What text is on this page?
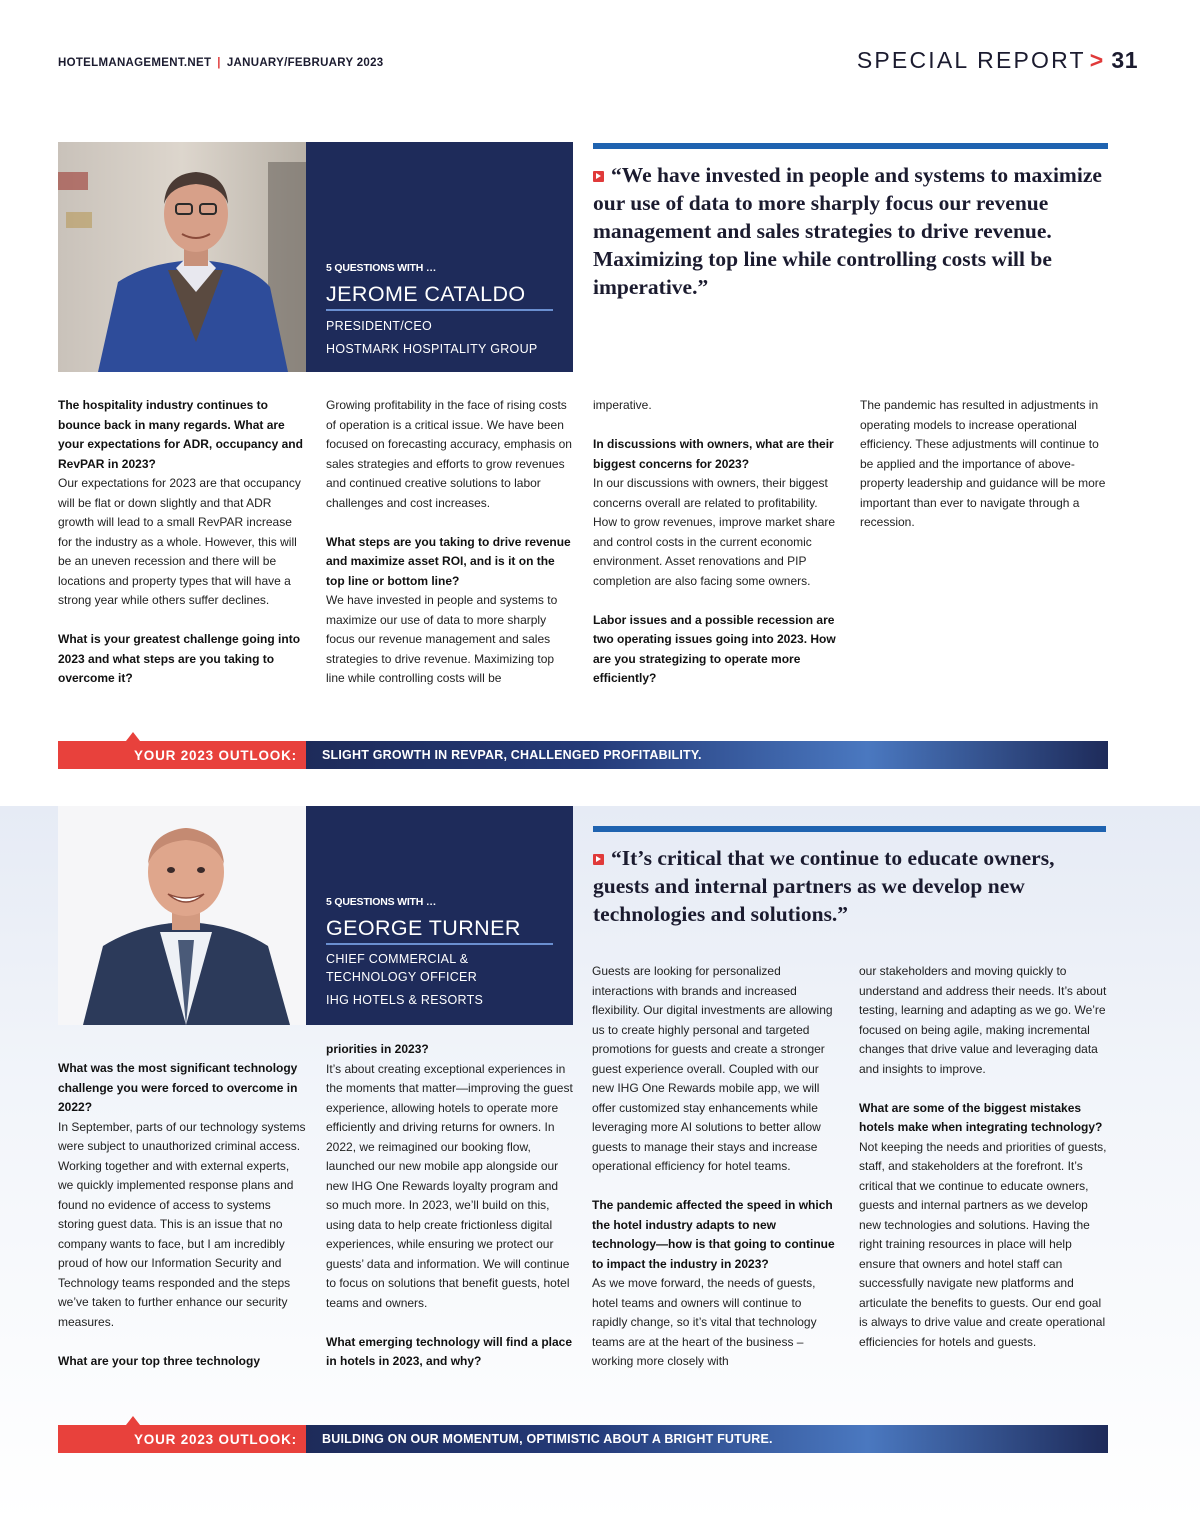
HOTELMANAGEMENT.NET | JANUARY/FEBRUARY 2023	SPECIAL REPORT > 31
5 QUESTIONS WITH …
JEROME CATALDO
PRESIDENT/CEO
HOSTMARK HOSPITALITY GROUP
“We have invested in people and systems to maximize our use of data to more sharply focus our revenue management and sales strategies to drive revenue. Maximizing top line while controlling costs will be imperative.”

The hospitality industry continues to bounce back in many regards. What are your expectations for ADR, occupancy and RevPAR in 2023?
Our expectations for 2023 are that occupancy will be flat or down slightly and that ADR growth will lead to a small RevPAR increase for the industry as a whole. However, this will be an uneven recession and there will be locations and property types that will have a strong year while others suffer declines.

What is your greatest challenge going into 2023 and what steps are you taking to overcome it?

Growing profitability in the face of rising costs of operation is a critical issue. We have been focused on forecasting accuracy, emphasis on sales strategies and efforts to grow revenues and continued creative solutions to labor challenges and cost increases.

What steps are you taking to drive revenue and maximize asset ROI, and is it on the top line or bottom line?
We have invested in people and systems to maximize our use of data to more sharply focus our revenue management and sales strategies to drive revenue. Maximizing top line while controlling costs will be

imperative.

In discussions with owners, what are their biggest concerns for 2023?
In our discussions with owners, their biggest concerns overall are related to profitability. How to grow revenues, improve market share and control costs in the current economic environment. Asset renovations and PIP completion are also facing some owners.

Labor issues and a possible recession are two operating issues going into 2023. How are you strategizing to operate more efficiently?

The pandemic has resulted in adjustments in operating models to increase operational efficiency. These adjustments will continue to be applied and the importance of above-property leadership and guidance will be more important than ever to navigate through a recession.

YOUR 2023 OUTLOOK: SLIGHT GROWTH IN REVPAR, CHALLENGED PROFITABILITY.
5 QUESTIONS WITH …
GEORGE TURNER
CHIEF COMMERCIAL &
TECHNOLOGY OFFICER
IHG HOTELS & RESORTS
“It’s critical that we continue to educate owners, guests and internal partners as we develop new technologies and solutions.”

What was the most significant technology challenge you were forced to overcome in 2022?
In September, parts of our technology systems were subject to unauthorized criminal access. Working together and with external experts, we quickly implemented response plans and found no evidence of access to systems storing guest data. This is an issue that no company wants to face, but I am incredibly proud of how our Information Security and Technology teams responded and the steps we’ve taken to further enhance our security measures.

What are your top three technology

priorities in 2023?
It’s about creating exceptional experiences in the moments that matter—improving the guest experience, allowing hotels to operate more efficiently and driving returns for owners. In 2022, we reimagined our booking flow, launched our new mobile app alongside our new IHG One Rewards loyalty program and so much more. In 2023, we’ll build on this, using data to help create frictionless digital experiences, while ensuring we protect our guests’ data and information. We will continue to focus on solutions that benefit guests, hotel teams and owners.

What emerging technology will find a place in hotels in 2023, and why?

Guests are looking for personalized interactions with brands and increased flexibility. Our digital investments are allowing us to create highly personal and targeted promotions for guests and create a stronger guest experience overall. Coupled with our new IHG One Rewards mobile app, we will offer customized stay enhancements while leveraging more AI solutions to better allow guests to manage their stays and increase operational efficiency for hotel teams.

The pandemic affected the speed in which the hotel industry adapts to new technology—how is that going to continue to impact the industry in 2023?
As we move forward, the needs of guests, hotel teams and owners will continue to rapidly change, so it’s vital that technology teams are at the heart of the business – working more closely with

our stakeholders and moving quickly to understand and address their needs. It’s about testing, learning and adapting as we go. We’re focused on being agile, making incremental changes that drive value and leveraging data and insights to improve.

What are some of the biggest mistakes hotels make when integrating technology?
Not keeping the needs and priorities of guests, staff, and stakeholders at the forefront. It’s critical that we continue to educate owners, guests and internal partners as we develop new technologies and solutions. Having the right training resources in place will help ensure that owners and hotel staff can successfully navigate new platforms and articulate the benefits to guests. Our end goal is always to drive value and create operational efficiencies for hotels and guests.

YOUR 2023 OUTLOOK: BUILDING ON OUR MOMENTUM, OPTIMISTIC ABOUT A BRIGHT FUTURE.
